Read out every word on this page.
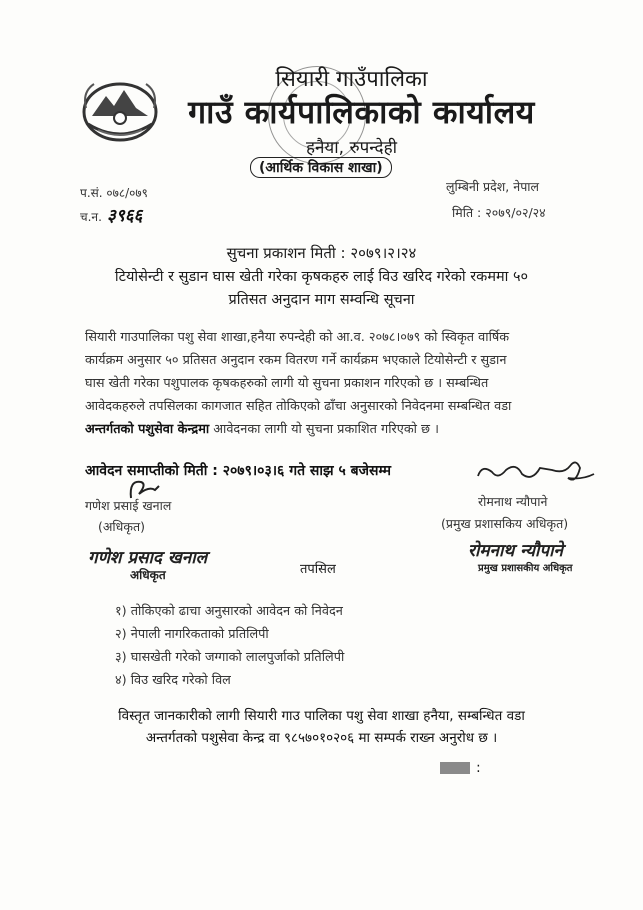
सियारी गाउँपालिका
गाउँ कार्यपालिकाको कार्यालय
हनैया, रुपन्देही
(आर्थिक विकास शाखा)
प.सं. ०७८/०७९
च.न. ३९६६
लुम्बिनी प्रदेश, नेपाल
मिति : २०७९/०२/२४
सुचना प्रकाशन मिती : २०७९।२।२४
टियोसेन्टी र सुडान घास खेती गरेका कृषकहरु लाई विउ खरिद गरेको रकममा ५०
प्रतिसत अनुदान माग सम्वन्धि सूचना
सियारी गाउपालिका पशु सेवा शाखा,हनैया रुपन्देही को आ.व. २०७८।०७९ को स्विकृत वार्षिक
कार्यक्रम अनुसार ५० प्रतिसत अनुदान रकम वितरण गर्ने कार्यक्रम भएकाले टियोसेन्टी र सुडान
घास खेती गरेका पशुपालक कृषकहरुको लागी यो सुचना प्रकाशन गरिएको छ । सम्बन्धित
आवेदकहरुले तपसिलका कागजात सहित तोकिएको ढाँचा अनुसारको निवेदनमा सम्बन्धित वडा
अन्तर्गतको पशुसेवा केन्द्रमा आवेदनका लागी यो सुचना प्रकाशित गरिएको छ ।
आवेदन समाप्तीको मिती : २०७९।०३।६ गते साझ ५ बजेसम्म
गणेश प्रसाई खनाल
(अधिकृत)
गणेश प्रसाद खनाल
अधिकृत
रोमनाथ न्यौपाने
(प्रमुख प्रशासकिय अधिकृत)
रोमनाथ न्यौपाने
प्रमुख प्रशासकीय अधिकृत
तपसिल
१) तोकिएको ढाचा अनुसारको आवेदन को निवेदन
२) नेपाली नागरिकताको प्रतिलिपी
३) घासखेती गरेको जग्गाको लालपुर्जाको प्रतिलिपी
४) विउ खरिद गरेको विल
विस्तृत जानकारीको लागी सियारी गाउ पालिका पशु सेवा शाखा हनैया, सम्बन्धित वडा
अन्तर्गतको पशुसेवा केन्द्र वा ९८५७०१०२०६ मा सम्पर्क राख्न अनुरोध छ ।
:
